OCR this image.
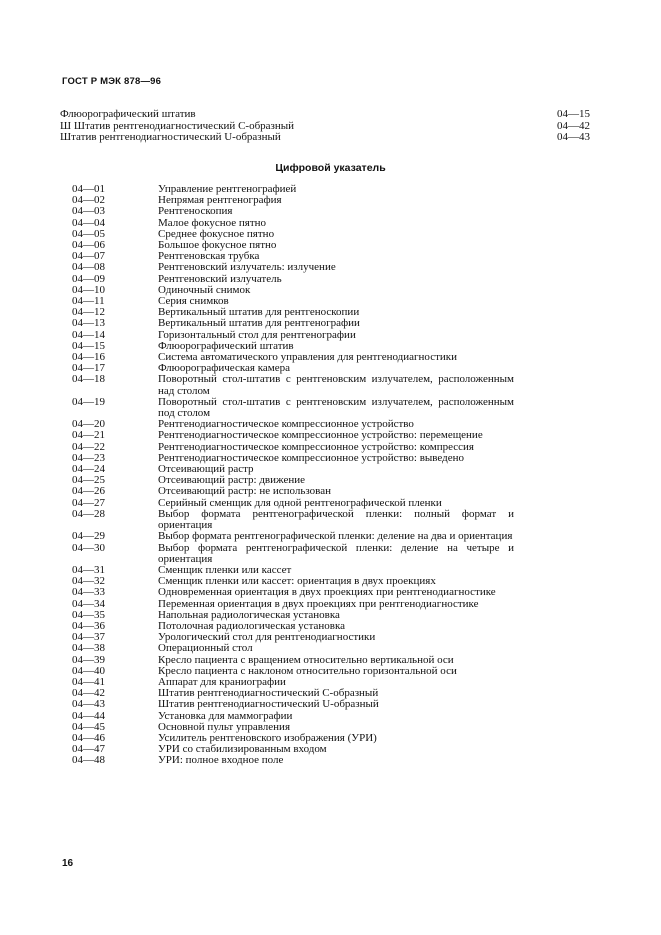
ГОСТ Р МЭК 878—96
Флюорографический штатив	04—15
Ш Штатив рентгенодиагностический С-образный	04—42
Штатив рентгенодиагностический U-образный	04—43
Цифровой указатель
04—01	Управление рентгенографией
04—02	Непрямая рентгенография
04—03	Рентгеноскопия
04—04	Малое фокусное пятно
04—05	Среднее фокусное пятно
04—06	Большое фокусное пятно
04—07	Рентгеновская трубка
04—08	Рентгеновский излучатель: излучение
04—09	Рентгеновский излучатель
04—10	Одиночный снимок
04—11	Серия снимков
04—12	Вертикальный штатив для рентгеноскопии
04—13	Вертикальный штатив для рентгенографии
04—14	Горизонтальный стол для рентгенографии
04—15	Флюорографический штатив
04—16	Система автоматического управления для рентгенодиагностики
04—17	Флюорографическая камера
04—18	Поворотный стол-штатив с рентгеновским излучателем, расположенным над столом
04—19	Поворотный стол-штатив с рентгеновским излучателем, расположенным под столом
04—20	Рентгенодиагностическое компрессионное устройство
04—21	Рентгенодиагностическое компрессионное устройство: перемещение
04—22	Рентгенодиагностическое компрессионное устройство: компрессия
04—23	Рентгенодиагностическое компрессионное устройство: выведено
04—24	Отсеивающий растр
04—25	Отсеивающий растр: движение
04—26	Отсеивающий растр: не использован
04—27	Серийный сменщик для одной рентгенографической пленки
04—28	Выбор формата рентгенографической пленки: полный формат и ориентация
04—29	Выбор формата рентгенографической пленки: деление на два и ориентация
04—30	Выбор формата рентгенографической пленки: деление на четыре и ориентация
04—31	Сменщик пленки или кассет
04—32	Сменщик пленки или кассет: ориентация в двух проекциях
04—33	Одновременная ориентация в двух проекциях при рентгенодиагностике
04—34	Переменная ориентация в двух проекциях при рентгенодиагностике
04—35	Напольная радиологическая установка
04—36	Потолочная радиологическая установка
04—37	Урологический стол для рентгенодиагностики
04—38	Операционный стол
04—39	Кресло пациента с вращением относительно вертикальной оси
04—40	Кресло пациента с наклоном относительно горизонтальной оси
04—41	Аппарат для краниографии
04—42	Штатив рентгенодиагностический С-образный
04—43	Штатив рентгенодиагностический U-образный
04—44	Установка для маммографии
04—45	Основной пульт управления
04—46	Усилитель рентгеновского изображения (УРИ)
04—47	УРИ со стабилизированным входом
04—48	УРИ: полное входное поле
16
